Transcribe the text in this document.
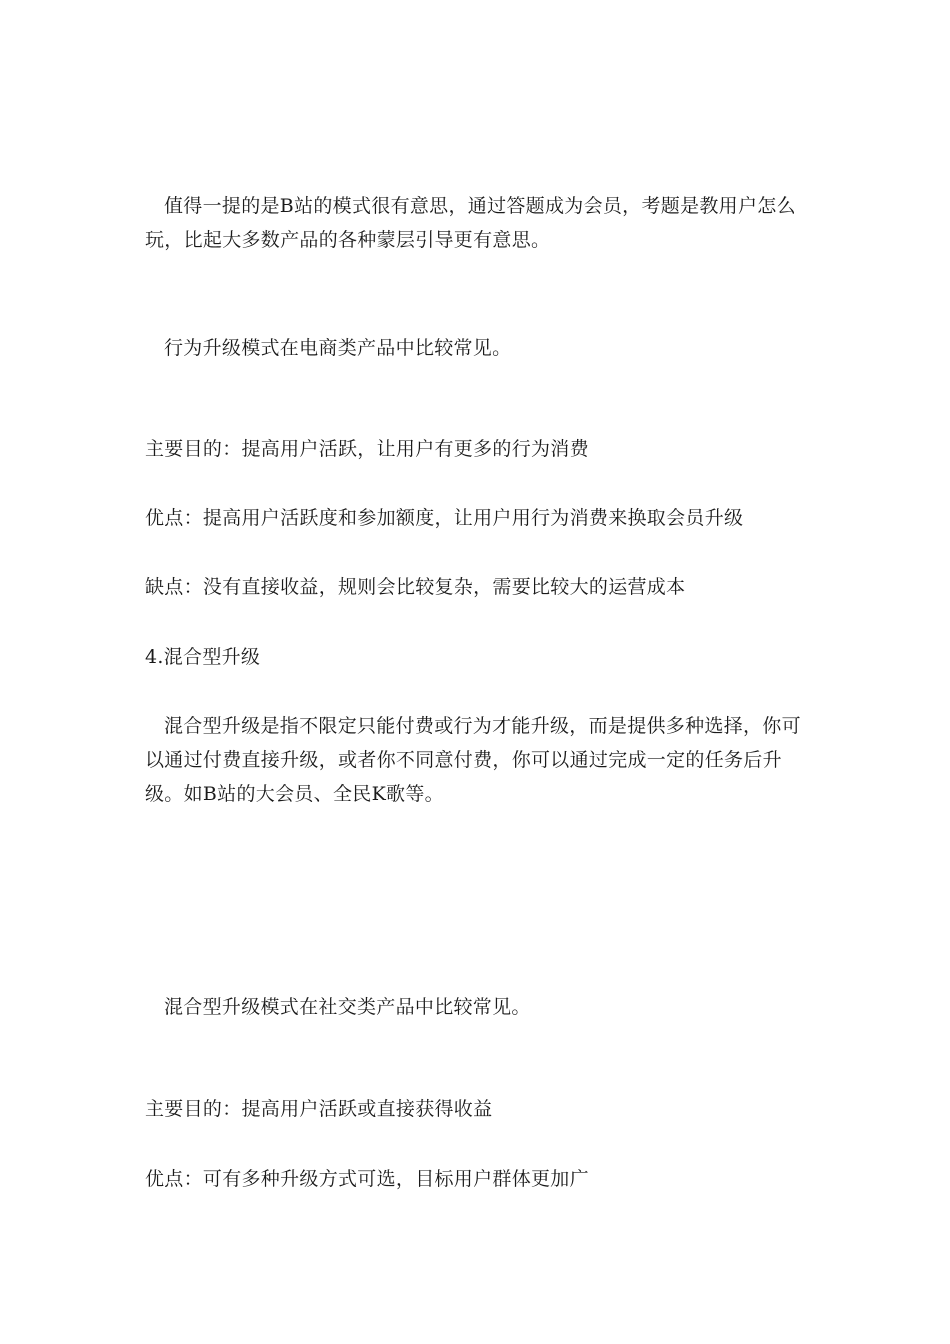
值得一提的是B站的模式很有意思，通过答题成为会员，考题是教用户怎么玩，比起大多数产品的各种蒙层引导更有意思。
行为升级模式在电商类产品中比较常见。
主要目的：提高用户活跃，让用户有更多的行为消费
优点：提高用户活跃度和参加额度，让用户用行为消费来换取会员升级
缺点：没有直接收益，规则会比较复杂，需要比较大的运营成本
4.混合型升级
混合型升级是指不限定只能付费或行为才能升级，而是提供多种选择，你可以通过付费直接升级，或者你不同意付费，你可以通过完成一定的任务后升级。如B站的大会员、全民K歌等。
混合型升级模式在社交类产品中比较常见。
主要目的：提高用户活跃或直接获得收益
优点：可有多种升级方式可选，目标用户群体更加广
